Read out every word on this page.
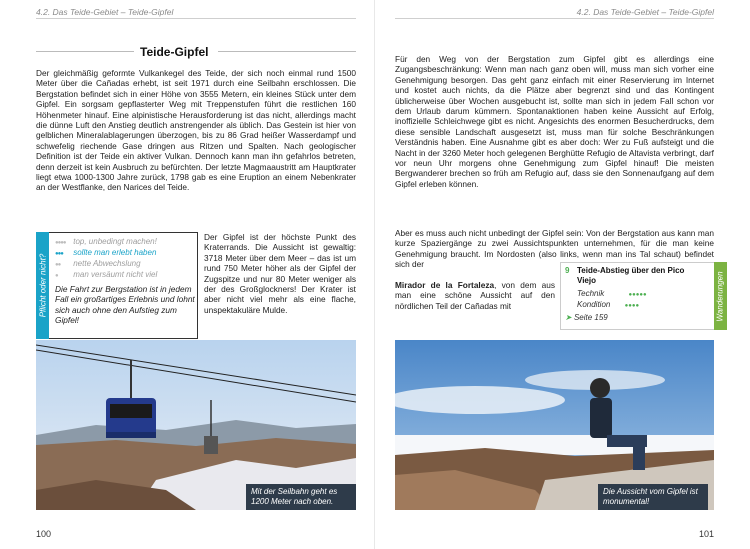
4.2. Das Teide-Gebiet – Teide-Gipfel
Teide-Gipfel
Der gleichmäßig geformte Vulkankegel des Teide, der sich noch einmal rund 1500 Meter über die Cañadas erhebt, ist seit 1971 durch eine Seilbahn erschlossen. Die Bergstation befindet sich in einer Höhe von 3555 Metern, ein kleines Stück unter dem Gipfel. Ein sorgsam gepflasterter Weg mit Treppenstufen führt die restlichen 160 Höhenmeter hinauf. Eine alpinistische Herausforderung ist das nicht, allerdings macht die dünne Luft den Anstieg deutlich anstrengender als üblich. Das Gestein ist hier von gelblichen Mineralablagerungen überzogen, bis zu 86 Grad heißer Wasserdampf und schwefelig riechende Gase dringen aus Ritzen und Spalten. Nach geologischer Definition ist der Teide ein aktiver Vulkan. Dennoch kann man ihn gefahrlos betreten, denn derzeit ist kein Ausbruch zu befürchten. Der letzte Magmaaustritt am Hauptkrater liegt etwa 1000-1300 Jahre zurück, 1798 gab es eine Eruption an einem Nebenkrater an der Westflanke, den Narices del Teide.
Pflicht oder nicht?
●●●● top, unbedingt machen!
●●● sollte man erlebt haben
●● nette Abwechslung
● man versäumt nicht viel
Die Fahrt zur Bergstation ist in jedem Fall ein großartiges Erlebnis und lohnt sich auch ohne den Aufstieg zum Gipfel!
Der Gipfel ist der höchste Punkt des Kraterrands. Die Aussicht ist gewaltig: 3718 Meter über dem Meer – das ist um rund 750 Meter höher als der Gipfel der Zugspitze und nur 80 Meter weniger als der des Großglockners! Der Krater ist aber nicht viel mehr als eine flache, unspektakuläre Mulde.
Mit der Seilbahn geht es 1200 Meter nach oben.
100
4.2. Das Teide-Gebiet – Teide-Gipfel
Für den Weg von der Bergstation zum Gipfel gibt es allerdings eine Zugangsbeschränkung: Wenn man nach ganz oben will, muss man sich vorher eine Genehmigung besorgen. Das geht ganz einfach mit einer Reservierung im Internet und kostet auch nichts, da die Plätze aber begrenzt sind und das Kontingent üblicherweise über Wochen ausgebucht ist, sollte man sich in jedem Fall schon vor dem Urlaub darum kümmern. Spontanaktionen haben keine Aussicht auf Erfolg, inoffizielle Schleichwege gibt es nicht. Angesichts des enormen Besucherdrucks, dem diese sensible Landschaft ausgesetzt ist, muss man für solche Beschränkungen Verständnis haben. Eine Ausnahme gibt es aber doch: Wer zu Fuß aufsteigt und die Nacht in der 3260 Meter hoch gelegenen Berghütte Refugio de Altavista verbringt, darf vor neun Uhr morgens ohne Genehmigung zum Gipfel hinauf! Die meisten Bergwanderer brechen so früh am Refugio auf, dass sie den Sonnenaufgang auf dem Gipfel erleben können.
Aber es muss auch nicht unbedingt der Gipfel sein: Von der Bergstation aus kann man kurze Spaziergänge zu zwei Aussichtspunkten unternehmen, für die man keine Genehmigung braucht. Im Nordosten (also links, wenn man ins Tal schaut) befindet sich der
9 Teide-Abstieg über den Pico Viejo
Technik	●●●●●
Kondition ●●●●
➤ Seite 159	Wanderungen
Mirador de la Fortaleza, von dem aus man eine schöne Aussicht auf den nördlichen Teil der Cañadas mit
Die Aussicht vom Gipfel ist monumental!
101
